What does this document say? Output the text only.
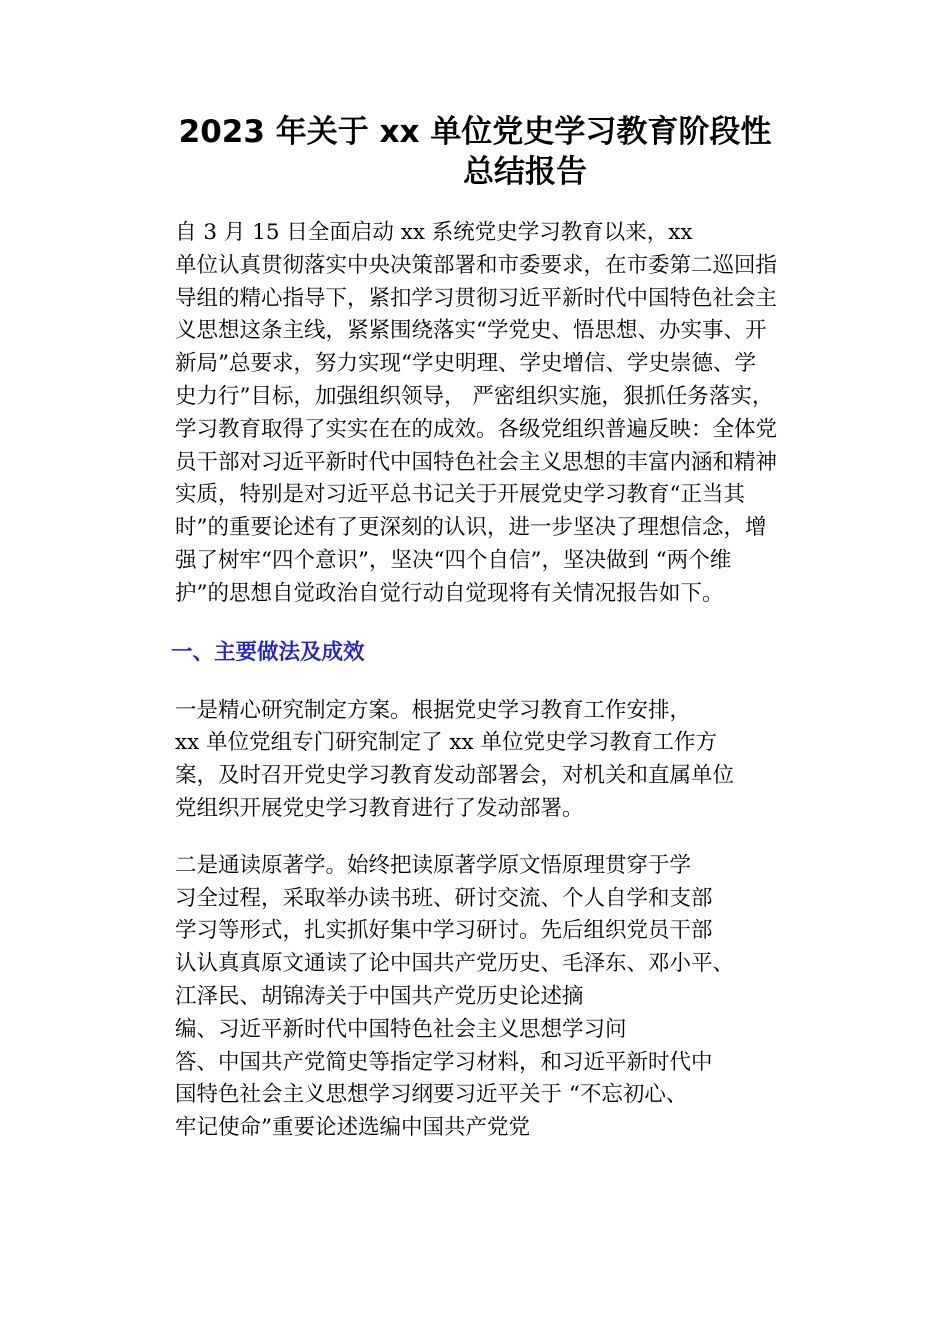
2023 年关于 xx 单位党史学习教育阶段性
总结报告

自 3 月 15 日全面启动 xx 系统党史学习教育以来，xx
单位认真贯彻落实中央决策部署和市委要求，在市委第二巡回指
导组的精心指导下，紧扣学习贯彻习近平新时代中国特色社会主
义思想这条主线，紧紧围绕落实“学党史、悟思想、办实事、开
新局”总要求，努力实现“学史明理、学史增信、学史崇德、学
史力行”目标，加强组织领导， 严密组织实施，狠抓任务落实，
学习教育取得了实实在在的成效。各级党组织普遍反映：全体党
员干部对习近平新时代中国特色社会主义思想的丰富内涵和精神
实质，特别是对习近平总书记关于开展党史学习教育“正当其
时”的重要论述有了更深刻的认识，进一步坚决了理想信念，增
强了树牢“四个意识”，坚决“四个自信”，坚决做到 “两个维
护”的思想自觉政治自觉行动自觉现将有关情况报告如下。

一、主要做法及成效

一是精心研究制定方案。根据党史学习教育工作安排，
xx 单位党组专门研究制定了 xx 单位党史学习教育工作方
案，及时召开党史学习教育发动部署会，对机关和直属单位
党组织开展党史学习教育进行了发动部署。

二是通读原著学。始终把读原著学原文悟原理贯穿于学
习全过程，采取举办读书班、研讨交流、个人自学和支部
学习等形式，扎实抓好集中学习研讨。先后组织党员干部
认认真真原文通读了论中国共产党历史、毛泽东、邓小平、
江泽民、胡锦涛关于中国共产党历史论述摘
编、习近平新时代中国特色社会主义思想学习问
答、中国共产党简史等指定学习材料，和习近平新时代中
国特色社会主义思想学习纲要习近平关于 “不忘初心、
牢记使命”重要论述选编中国共产党党
